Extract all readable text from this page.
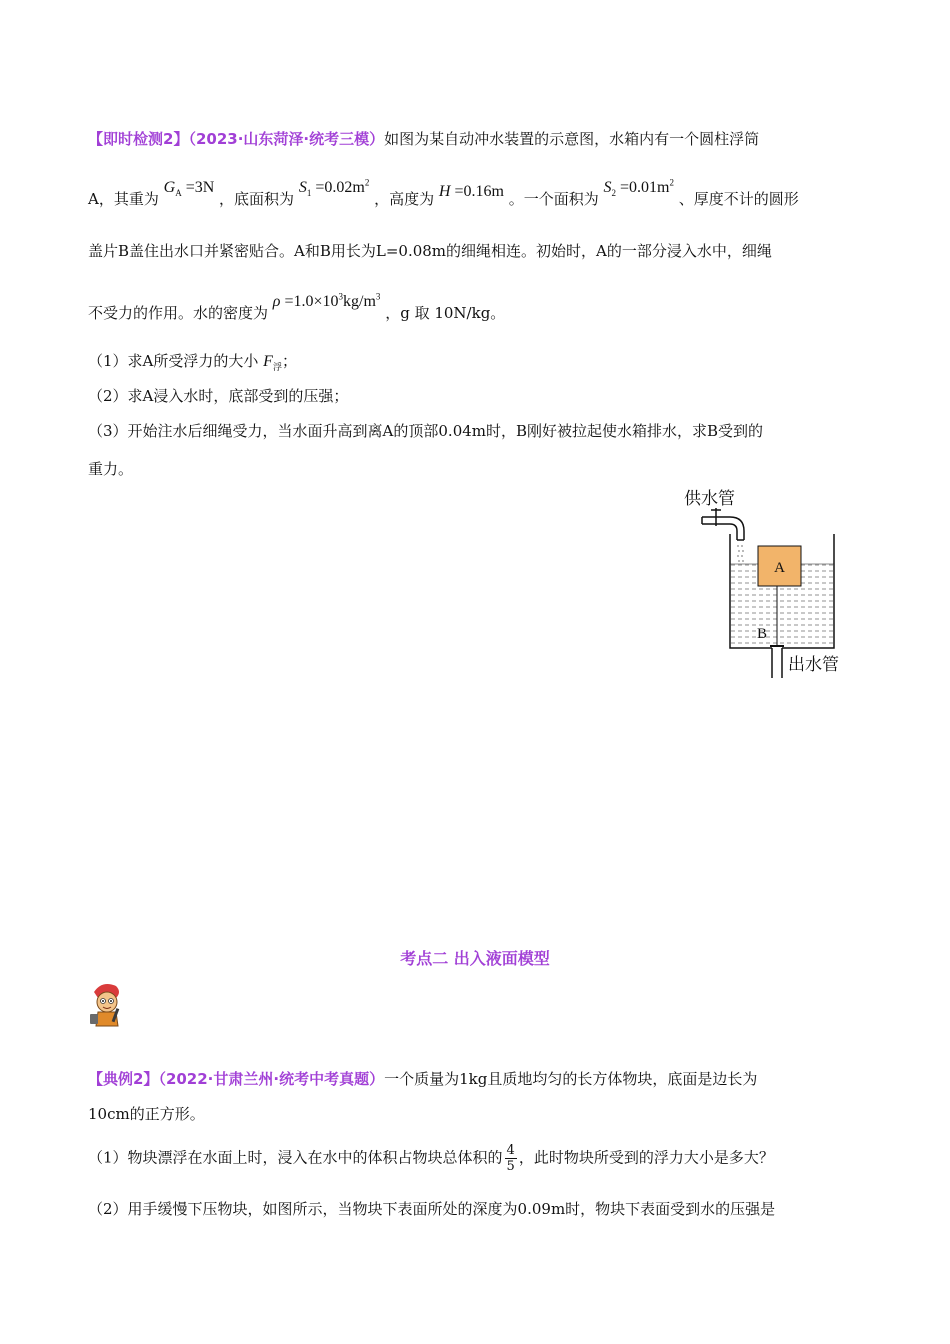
【即时检测2】（2023·山东菏泽·统考三模）如图为某自动冲水装置的示意图，水箱内有一个圆柱浮筒
A，其重为 $G_A =3N$ ，底面积为 $S_1 =0.02m^2$ ，高度为 H =0.16m 。一个面积为 $S_2 =0.01m^2$ 、厚度不计的圆形
盖片B盖住出水口并紧密贴合。A和B用长为L=0.08m的细绳相连。初始时，A的一部分浸入水中，细绳
不受力的作用。水的密度为 $\rho =1.0\times 10^3kg/m^3$ ，g 取 10N/kg。
（1）求A所受浮力的大小 $F_浮$；
（2）求A浸入水时，底部受到的压强；
（3）开始注水后细绳受力，当水面升高到离A的顶部0.04m时，B刚好被拉起使水箱排水，求B受到的
重力。
供水管
A
B
出水管
考点二 出入液面模型
【典例2】（2022·甘肃兰州·统考中考真题）一个质量为1kg且质地均匀的长方体物块，底面是边长为
10cm的正方形。
（1）物块漂浮在水面上时，浸入在水中的体积占物块总体积的 $\frac{4}{5}$ ，此时物块所受到的浮力大小是多大？
（2）用手缓慢下压物块，如图所示，当物块下表面所处的深度为0.09m时，物块下表面受到水的压强是
